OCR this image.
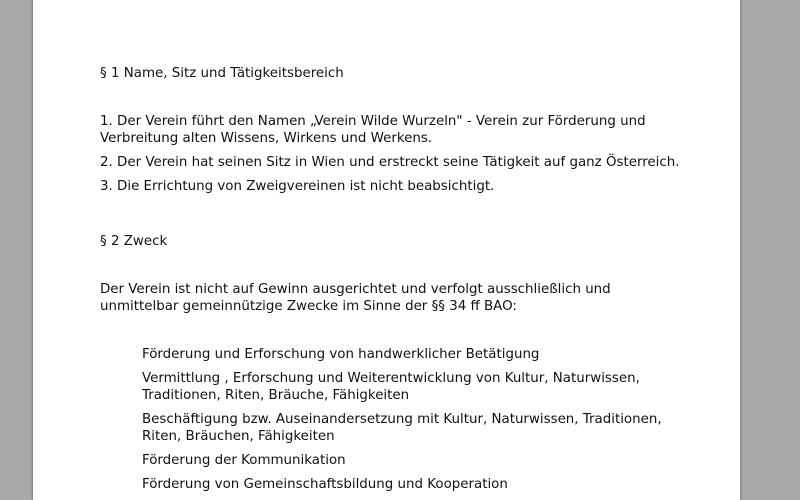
§ 1 Name, Sitz und Tätigkeitsbereich

1. Der Verein führt den Namen „Verein Wilde Wurzeln" - Verein zur Förderung und Verbreitung alten Wissens, Wirkens und Werkens.

2. Der Verein hat seinen Sitz in Wien und erstreckt seine Tätigkeit auf ganz Österreich.

3. Die Errichtung von Zweigvereinen ist nicht beabsichtigt.

§ 2 Zweck

Der Verein ist nicht auf Gewinn ausgerichtet und verfolgt ausschließlich und unmittelbar gemeinnützige Zwecke im Sinne der §§ 34 ff BAO:

Förderung und Erforschung von handwerklicher Betätigung
Vermittlung , Erforschung und Weiterentwicklung von Kultur, Naturwissen, Traditionen, Riten, Bräuche, Fähigkeiten
Beschäftigung bzw. Auseinandersetzung mit Kultur, Naturwissen, Traditionen, Riten, Bräuchen, Fähigkeiten
Förderung der Kommunikation
Förderung von Gemeinschaftsbildung und Kooperation
